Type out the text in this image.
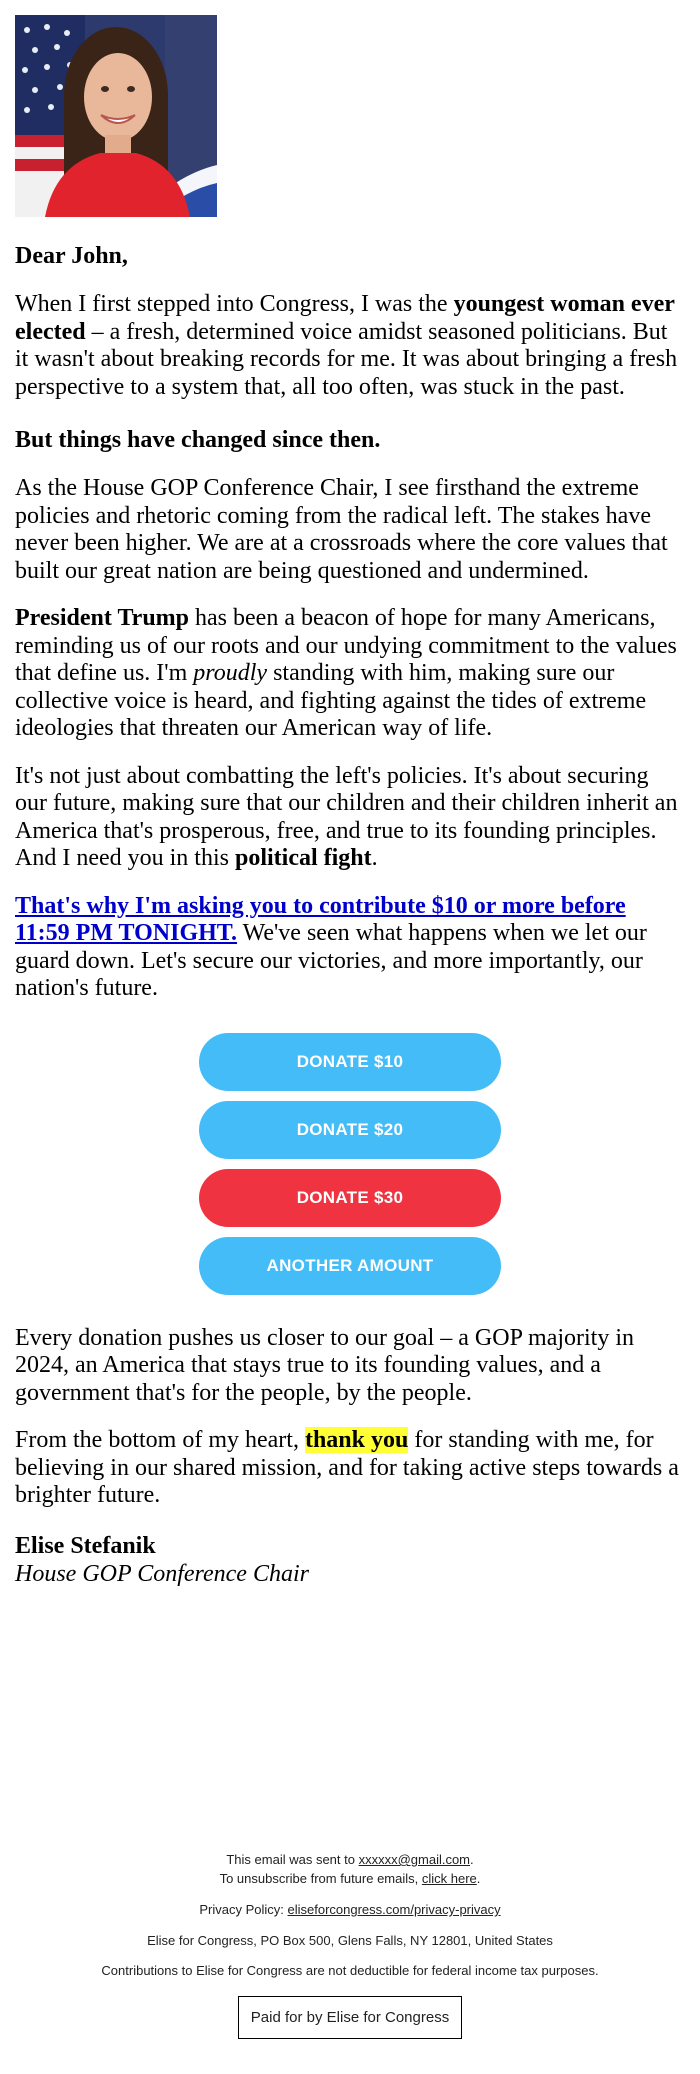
Dear John,

When I first stepped into Congress, I was the youngest woman ever elected – a fresh, determined voice amidst seasoned politicians. But it wasn't about breaking records for me. It was about bringing a fresh perspective to a system that, all too often, was stuck in the past.

But things have changed since then.

As the House GOP Conference Chair, I see firsthand the extreme policies and rhetoric coming from the radical left. The stakes have never been higher. We are at a crossroads where the core values that built our great nation are being questioned and undermined.

President Trump has been a beacon of hope for many Americans, reminding us of our roots and our undying commitment to the values that define us. I'm proudly standing with him, making sure our collective voice is heard, and fighting against the tides of extreme ideologies that threaten our American way of life.

It's not just about combatting the left's policies. It's about securing our future, making sure that our children and their children inherit an America that's prosperous, free, and true to its founding principles. And I need you in this political fight.

That's why I'm asking you to contribute $10 or more before 11:59 PM TONIGHT. We've seen what happens when we let our guard down. Let's secure our victories, and more importantly, our nation's future.

DONATE $10
DONATE $20
DONATE $30
ANOTHER AMOUNT

Every donation pushes us closer to our goal – a GOP majority in 2024, an America that stays true to its founding values, and a government that's for the people, by the people.

From the bottom of my heart, thank you for standing with me, for believing in our shared mission, and for taking active steps towards a brighter future.

Elise Stefanik
House GOP Conference Chair

This email was sent to xxxxxx@gmail.com.

To unsubscribe from future emails, click here.

Privacy Policy: eliseforcongress.com/privacy-privacy

Elise for Congress, PO Box 500, Glens Falls, NY 12801, United States

Contributions to Elise for Congress are not deductible for federal income tax purposes.

Paid for by Elise for Congress
